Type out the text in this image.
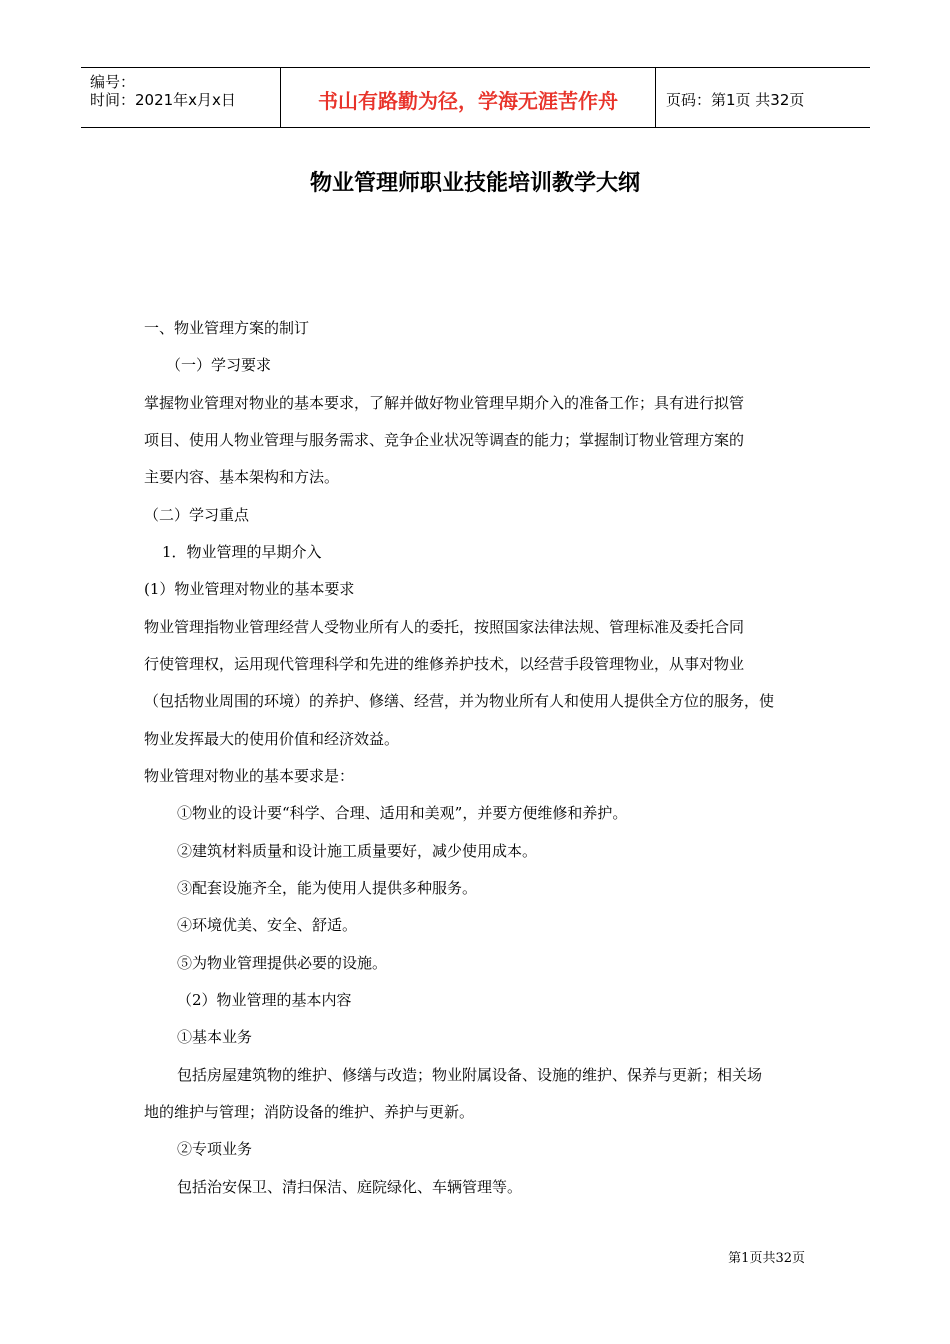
编号：
时间：2021年x月x日	书山有路勤为径，学海无涯苦作舟	页码：第1页 共32页
物业管理师职业技能培训教学大纲
一、物业管理方案的制订
（一）学习要求
掌握物业管理对物业的基本要求，了解并做好物业管理早期介入的准备工作；具有进行拟管
项目、使用人物业管理与服务需求、竞争企业状况等调查的能力；掌握制订物业管理方案的
主要内容、基本架构和方法。
（二）学习重点
1．物业管理的早期介入
(1）物业管理对物业的基本要求
物业管理指物业管理经营人受物业所有人的委托，按照国家法律法规、管理标准及委托合同
行使管理权，运用现代管理科学和先进的维修养护技术，以经营手段管理物业，从事对物业
（包括物业周围的环境）的养护、修缮、经营，并为物业所有人和使用人提供全方位的服务，使
物业发挥最大的使用价值和经济效益。
物业管理对物业的基本要求是：
①物业的设计要“科学、合理、适用和美观”，并要方便维修和养护。
②建筑材料质量和设计施工质量要好，减少使用成本。
③配套设施齐全，能为使用人提供多种服务。
④环境优美、安全、舒适。
⑤为物业管理提供必要的设施。
（2）物业管理的基本内容
①基本业务
包括房屋建筑物的维护、修缮与改造；物业附属设备、设施的维护、保养与更新；相关场
地的维护与管理；消防设备的维护、养护与更新。
②专项业务
包括治安保卫、清扫保洁、庭院绿化、车辆管理等。
第1页共32页
